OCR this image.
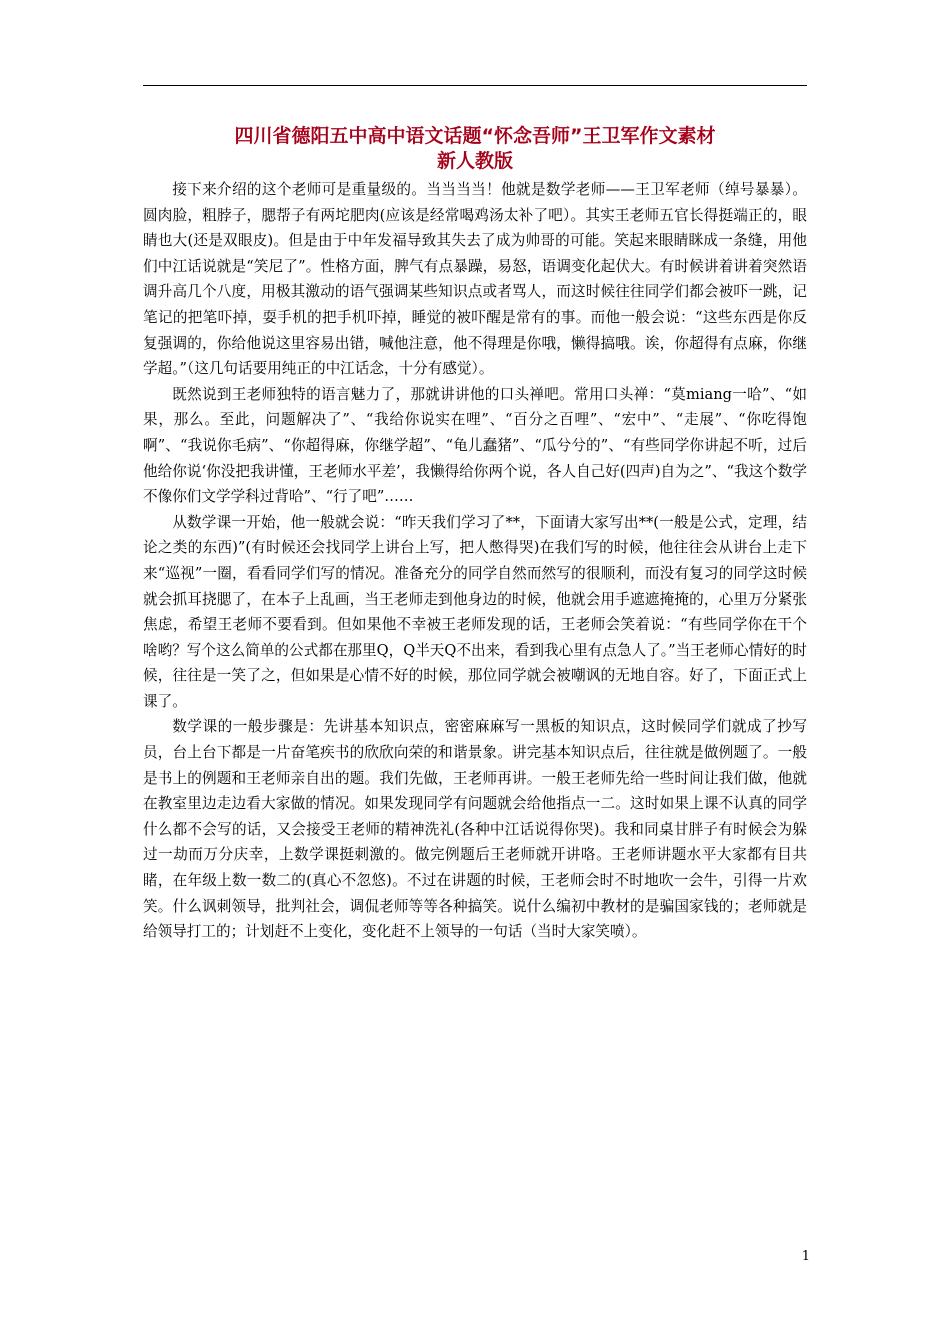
四川省德阳五中高中语文话题“怀念吾师”王卫军作文素材
新人教版

接下来介绍的这个老师可是重量级的。当当当当！他就是数学老师——王卫军老师（绰号暴暴）。圆肉脸，粗脖子，腮帮子有两坨肥肉(应该是经常喝鸡汤太补了吧）。其实王老师五官长得挺端正的，眼睛也大(还是双眼皮)。但是由于中年发福导致其失去了成为帅哥的可能。笑起来眼睛眯成一条缝，用他们中江话说就是“笑尼了”。性格方面，脾气有点暴躁，易怒，语调变化起伏大。有时候讲着讲着突然语调升高几个八度，用极其激动的语气强调某些知识点或者骂人，而这时候往往同学们都会被吓一跳，记笔记的把笔吓掉，耍手机的把手机吓掉，睡觉的被吓醒是常有的事。而他一般会说：“这些东西是你反复强调的，你给他说这里容易出错，喊他注意，他不得理是你哦，懒得搞哦。诶，你超得有点麻，你继学超。”（这几句话要用纯正的中江话念，十分有感觉）。

既然说到王老师独特的语言魅力了，那就讲讲他的口头禅吧。常用口头禅：“莫miang一哈”、“如果，那么。至此，问题解决了”、“我给你说实在哩”、“百分之百哩”、“宏中”、“走展”、“你吃得饱啊”、“我说你毛病”、“你超得麻，你继学超”、“龟儿蠢猪”、“瓜兮兮的”、“有些同学你讲起不听，过后他给你说‘你没把我讲懂，王老师水平差’，我懒得给你两个说，各人自己好(四声)自为之”、“我这个数学不像你们文学学科过背哈”、“行了吧”……

从数学课一开始，他一般就会说：“昨天我们学习了**，下面请大家写出**(一般是公式，定理，结论之类的东西)”(有时候还会找同学上讲台上写，把人憋得哭)在我们写的时候，他往往会从讲台上走下来“巡视”一圈，看看同学们写的情况。准备充分的同学自然而然写的很顺利，而没有复习的同学这时候就会抓耳挠腮了，在本子上乱画，当王老师走到他身边的时候，他就会用手遮遮掩掩的，心里万分紧张焦虑，希望王老师不要看到。但如果他不幸被王老师发现的话，王老师会笑着说：“有些同学你在干个啥哟？写个这么简单的公式都在那里Q，Q半天Q不出来，看到我心里有点急人了。”当王老师心情好的时候，往往是一笑了之，但如果是心情不好的时候，那位同学就会被嘲讽的无地自容。好了，下面正式上课了。

数学课的一般步骤是：先讲基本知识点，密密麻麻写一黑板的知识点，这时候同学们就成了抄写员，台上台下都是一片奋笔疾书的欣欣向荣的和谐景象。讲完基本知识点后，往往就是做例题了。一般是书上的例题和王老师亲自出的题。我们先做，王老师再讲。一般王老师先给一些时间让我们做，他就在教室里边走边看大家做的情况。如果发现同学有问题就会给他指点一二。这时如果上课不认真的同学什么都不会写的话，又会接受王老师的精神洗礼(各种中江话说得你哭)。我和同桌甘胖子有时候会为躲过一劫而万分庆幸，上数学课挺刺激的。做完例题后王老师就开讲咯。王老师讲题水平大家都有目共睹，在年级上数一数二的(真心不忽悠)。不过在讲题的时候，王老师会时不时地吹一会牛，引得一片欢笑。什么讽刺领导，批判社会，调侃老师等等各种搞笑。说什么编初中教材的是骗国家钱的；老师就是给领导打工的；计划赶不上变化，变化赶不上领导的一句话（当时大家笑喷）。

1
